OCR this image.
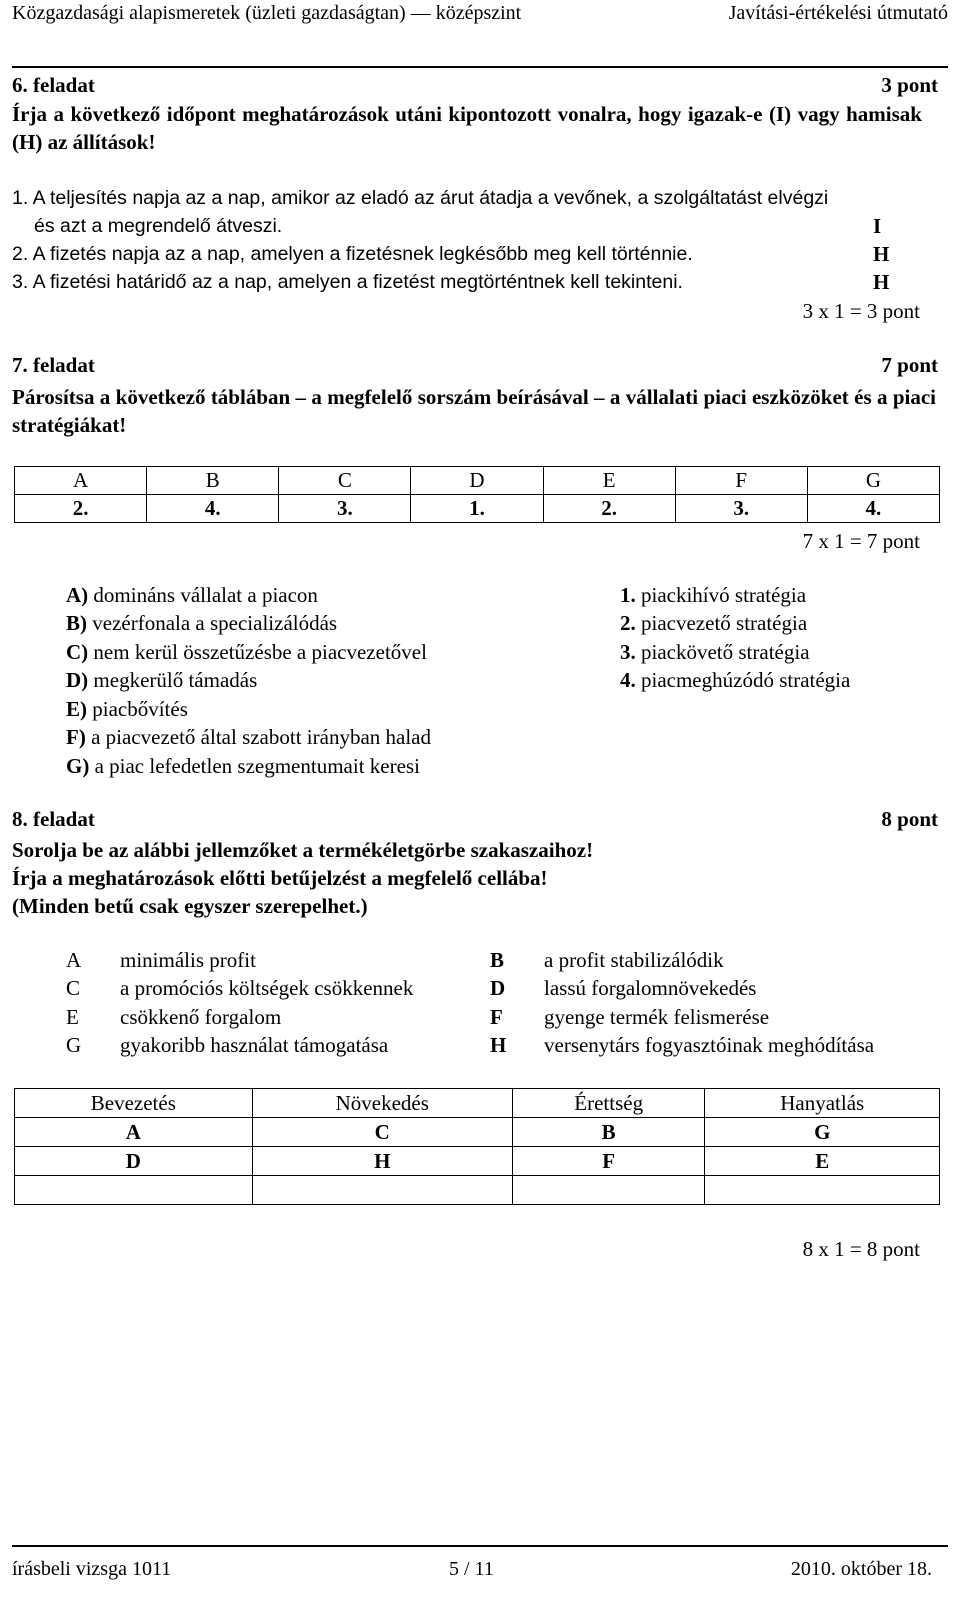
Közgazdasági alapismeretek (üzleti gazdaságtan) — középszint	Javítási-értékelési útmutató
6. feladat	3 pont
Írja a következő időpont meghatározások utáni kipontozott vonalra, hogy igazak-e (I) vagy hamisak (H) az állítások!
1. A teljesítés napja az a nap, amikor az eladó az árut átadja a vevőnek, a szolgáltatást elvégzi
és azt a megrendelő átveszi.	I
2. A fizetés napja az a nap, amelyen a fizetésnek legkésőbb meg kell történnie.	H
3. A fizetési határidő az a nap, amelyen a fizetést megtörténtnek kell tekinteni.	H
3 x 1 = 3 pont
7. feladat	7 pont
Párosítsa a következő táblában – a megfelelő sorszám beírásával – a vállalati piaci eszközöket és a piaci stratégiákat!
A	B	C	D	E	F	G
2.	4.	3.	1.	2.	3.	4.
7 x 1 = 7 pont
A) domináns vállalat a piacon
B) vezérfonala a specializálódás
C) nem kerül összetűzésbe a piacvezetővel
D) megkerülő támadás
E) piacbővítés
F) a piacvezető által szabott irányban halad
G) a piac lefedetlen szegmentumait keresi
1. piackihívó stratégia
2. piacvezető stratégia
3. piackövető stratégia
4. piacmeghúzódó stratégia
8. feladat	8 pont
Sorolja be az alábbi jellemzőket a termékéletgörbe szakaszaihoz!
Írja a meghatározások előtti betűjelzést a megfelelő cellába!
(Minden betű csak egyszer szerepelhet.)
A	minimális profit	B	a profit stabilizálódik
C	a promóciós költségek csökkennek	D	lassú forgalomnövekedés
E	csökkenő forgalom	F	gyenge termék felismerése
G	gyakoribb használat támogatása	H	versenytárs fogyasztóinak meghódítása
Bevezetés	Növekedés	Érettség	Hanyatlás
A	C	B	G
D	H	F	E

8 x 1 = 8 pont
írásbeli vizsga 1011	5 / 11	2010. október 18.
